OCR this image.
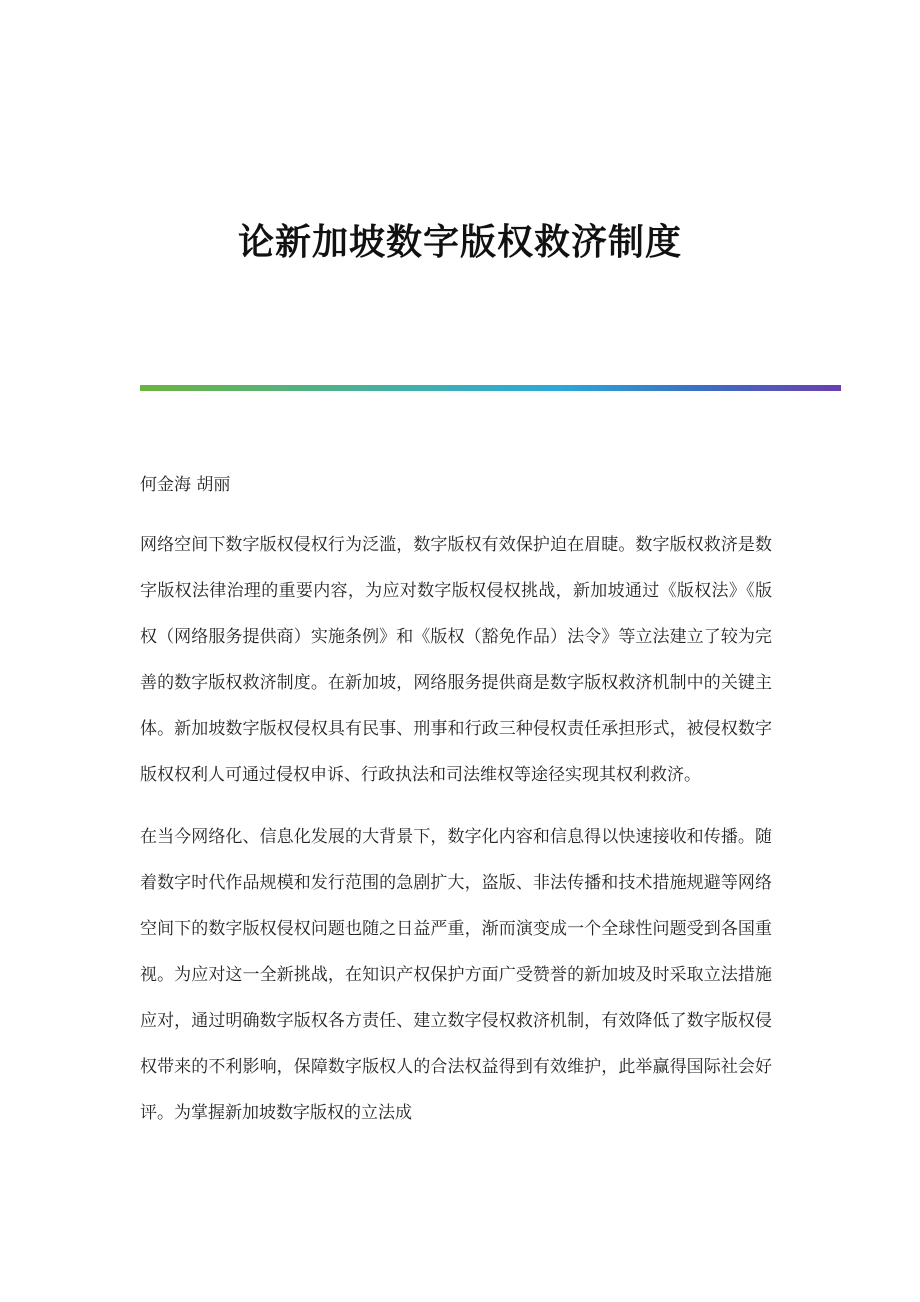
论新加坡数字版权救济制度
何金海 胡丽

网络空间下数字版权侵权行为泛滥，数字版权有效保护迫在眉睫。数字版权救济是数字版权法律治理的重要内容，为应对数字版权侵权挑战，新加坡通过《版权法》《版权（网络服务提供商）实施条例》和《版权（豁免作品）法令》等立法建立了较为完善的数字版权救济制度。在新加坡，网络服务提供商是数字版权救济机制中的关键主体。新加坡数字版权侵权具有民事、刑事和行政三种侵权责任承担形式，被侵权数字版权权利人可通过侵权申诉、行政执法和司法维权等途径实现其权利救济。

在当今网络化、信息化发展的大背景下，数字化内容和信息得以快速接收和传播。随着数字时代作品规模和发行范围的急剧扩大，盗版、非法传播和技术措施规避等网络空间下的数字版权侵权问题也随之日益严重，渐而演变成一个全球性问题受到各国重视。为应对这一全新挑战，在知识产权保护方面广受赞誉的新加坡及时采取立法措施应对，通过明确数字版权各方责任、建立数字侵权救济机制，有效降低了数字版权侵权带来的不利影响，保障数字版权人的合法权益得到有效维护，此举赢得国际社会好评。为掌握新加坡数字版权的立法成
